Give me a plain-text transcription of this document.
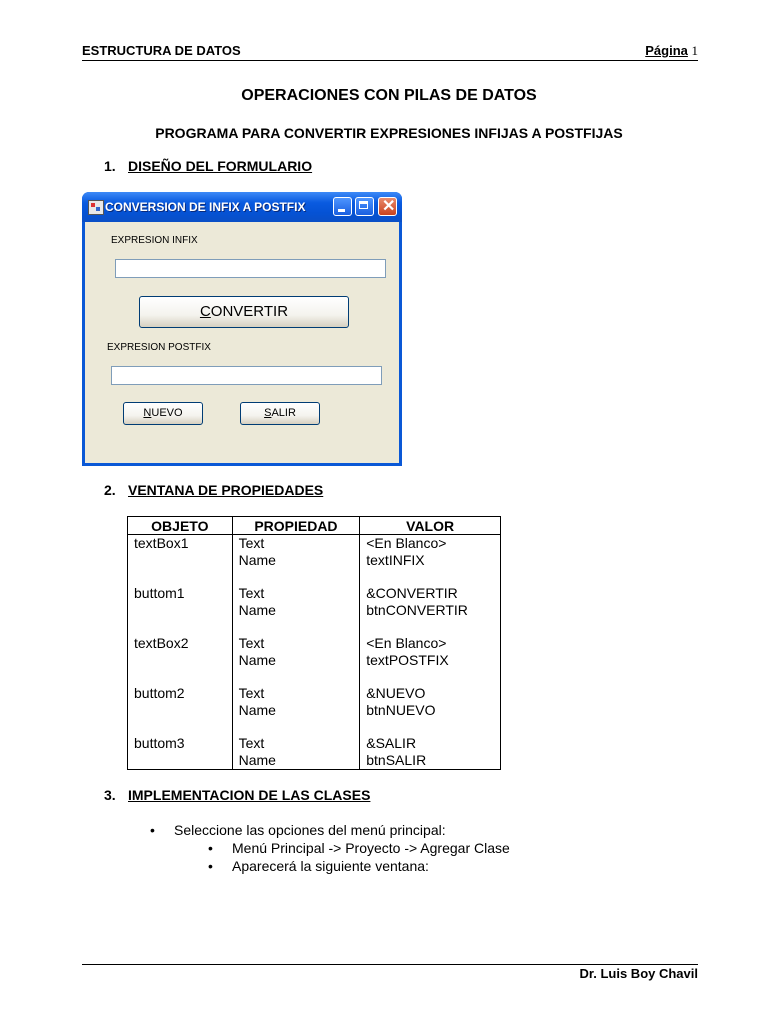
ESTRUCTURA DE DATOS	Página 1
OPERACIONES CON PILAS DE DATOS
PROGRAMA PARA CONVERTIR EXPRESIONES INFIJAS A POSTFIJAS
1. DISEÑO DEL FORMULARIO
CONVERSION DE INFIX A POSTFIX	✕
EXPRESION INFIX
CONVERTIR
EXPRESION POSTFIX
NUEVO	SALIR
2. VENTANA DE PROPIEDADES
OBJETO	PROPIEDAD	VALOR
textBox1	Text	<En Blanco>
	Name	textINFIX

buttom1	Text	&CONVERTIR
	Name	btnCONVERTIR

textBox2	Text	<En Blanco>
	Name	textPOSTFIX

buttom2	Text	&NUEVO
	Name	btnNUEVO

buttom3	Text	&SALIR
	Name	btnSALIR
3. IMPLEMENTACION DE LAS CLASES
• Seleccione las opciones del menú principal:
• Menú Principal -> Proyecto -> Agregar Clase
• Aparecerá la siguiente ventana:
Dr. Luis Boy Chavil
